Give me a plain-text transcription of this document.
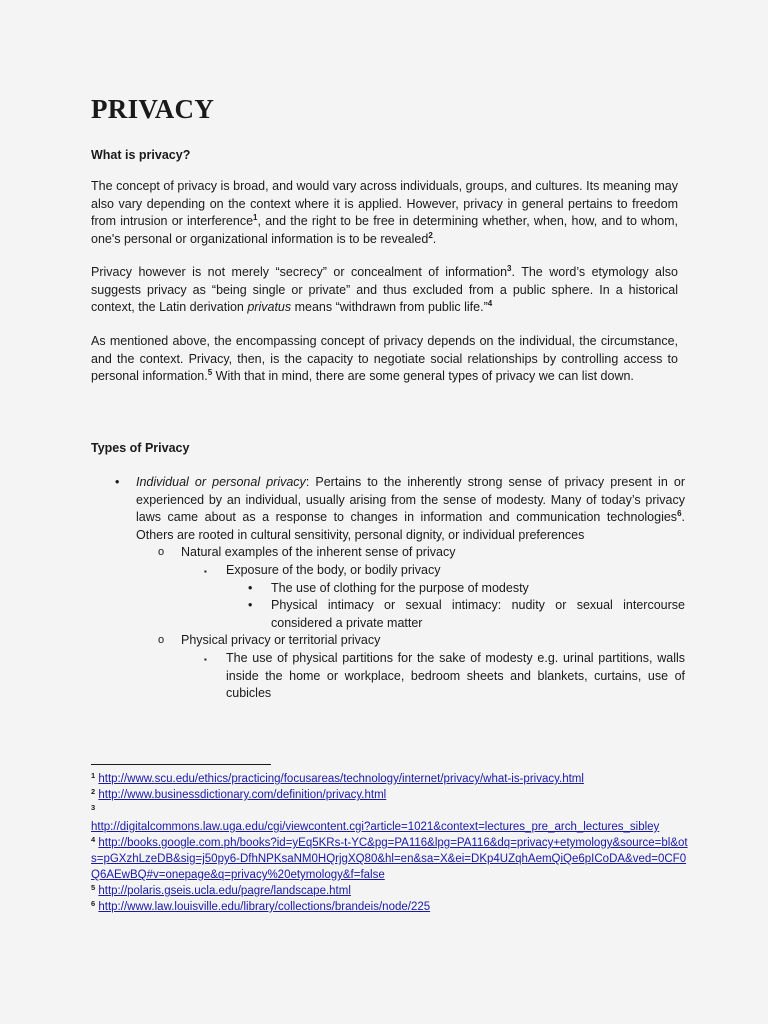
PRIVACY

What is privacy?

The concept of privacy is broad, and would vary across individuals, groups, and cultures. Its meaning may also vary depending on the context where it is applied. However, privacy in general pertains to freedom from intrusion or interference$^1$, and the right to be free in determining whether, when, how, and to whom, one's personal or organizational information is to be revealed$^2$.

Privacy however is not merely “secrecy” or concealment of information$^3$. The word’s etymology also suggests privacy as “being single or private” and thus excluded from a public sphere. In a historical context, the Latin derivation privatus means “withdrawn from public life.”$^4$

As mentioned above, the encompassing concept of privacy depends on the individual, the circumstance, and the context. Privacy, then, is the capacity to negotiate social relationships by controlling access to personal information.$^5$ With that in mind, there are some general types of privacy we can list down.

Types of Privacy

• Individual or personal privacy: Pertains to the inherently strong sense of privacy present in or experienced by an individual, usually arising from the sense of modesty. Many of today’s privacy laws came about as a response to changes in information and communication technologies$^6$. Others are rooted in cultural sensitivity, personal dignity, or individual preferences
o Natural examples of the inherent sense of privacy
▪ Exposure of the body, or bodily privacy
• The use of clothing for the purpose of modesty
• Physical intimacy or sexual intimacy: nudity or sexual intercourse considered a private matter
o Physical privacy or territorial privacy
▪ The use of physical partitions for the sake of modesty e.g. urinal partitions, walls inside the home or workplace, bedroom sheets and blankets, curtains, use of cubicles
$^1$ http://www.scu.edu/ethics/practicing/focusareas/technology/internet/privacy/what-is-privacy.html
$^2$ http://www.businessdictionary.com/definition/privacy.html
$^3$
http://digitalcommons.law.uga.edu/cgi/viewcontent.cgi?article=1021&context=lectures_pre_arch_lectures_sibley
$^4$ http://books.google.com.ph/books?id=yEq5KRs-t-YC&pg=PA116&lpg=PA116&dq=privacy+etymology&source=bl&ots=pGXzhLzeDB&sig=j50py6-DfhNPKsaNM0HQrjgXQ80&hl=en&sa=X&ei=DKp4UZqhAemQiQe6pICoDA&ved=0CF0Q6AEwBQ#v=onepage&q=privacy%20etymology&f=false
$^5$ http://polaris.gseis.ucla.edu/pagre/landscape.html
$^6$ http://www.law.louisville.edu/library/collections/brandeis/node/225
